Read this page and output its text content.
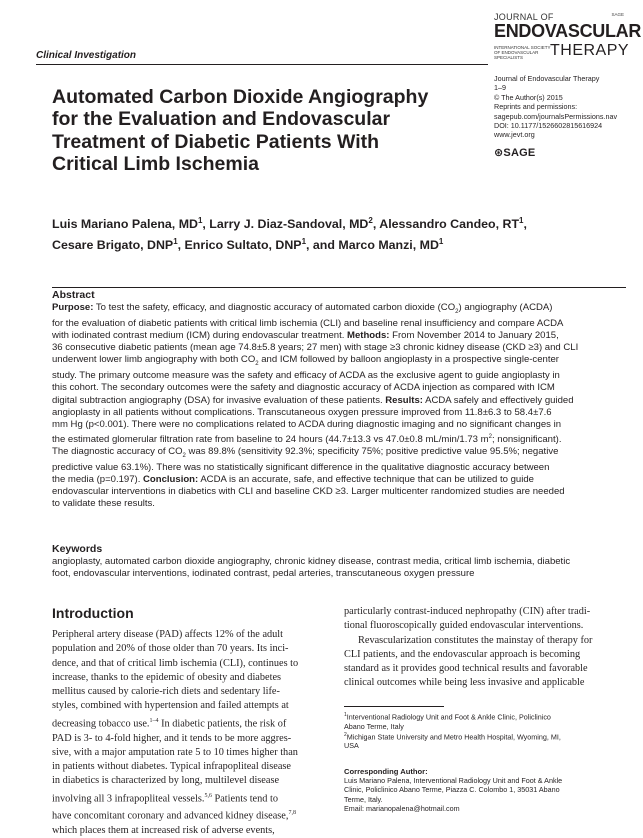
Clinical Investigation
JOURNAL OF	SAGE
ENDOVASCULAR
INTERNATIONAL SOCIETY OF ENDOVASCULAR SPECIALISTS	THERAPY
Journal of Endovascular Therapy
1–9
© The Author(s) 2015
Reprints and permissions:
sagepub.com/journalsPermissions.nav
DOI: 10.1177/1526602815616924
www.jevt.org
⊛SAGE
Automated Carbon Dioxide Angiography
for the Evaluation and Endovascular
Treatment of Diabetic Patients With
Critical Limb Ischemia
Luis Mariano Palena, $MD^1$, Larry J. Diaz-Sandoval, $MD^2$, Alessandro Candeo, $RT^1$,
Cesare Brigato, DNP$^1$, Enrico Sultato, DNP$^1$, and Marco Manzi, $MD^1$
Abstract
Purpose: To test the safety, efficacy, and diagnostic accuracy of automated carbon dioxide $(CO_2)$ angiography (ACDA)
for the evaluation of diabetic patients with critical limb ischemia (CLI) and baseline renal insufficiency and compare ACDA
with iodinated contrast medium (ICM) during endovascular treatment. Methods: From November 2014 to January 2015,
36 consecutive diabetic patients (mean age 74.8±5.8 years; 27 men) with stage ≥3 chronic kidney disease (CKD ≥3) and CLI
underwent lower limb angiography with both $CO_2$ and ICM followed by balloon angioplasty in a prospective single-center
study. The primary outcome measure was the safety and efficacy of ACDA as the exclusive agent to guide angioplasty in
this cohort. The secondary outcomes were the safety and diagnostic accuracy of ACDA injection as compared with ICM
digital subtraction angiography (DSA) for invasive evaluation of these patients. Results: ACDA safely and effectively guided
angioplasty in all patients without complications. Transcutaneous oxygen pressure improved from 11.8±6.3 to 58.4±7.6
mm Hg (p<0.001). There were no complications related to ACDA during diagnostic imaging and no significant changes in
the estimated glomerular filtration rate from baseline to 24 hours (44.7±13.3 vs 47.0±0.8 mL/min/1.73 $m^2$; nonsignificant).
The diagnostic accuracy of $CO_2$ was 89.8% (sensitivity 92.3%; specificity 75%; positive predictive value 95.5%; negative
predictive value 63.1%). There was no statistically significant difference in the qualitative diagnostic accuracy between
the media (p=0.197). Conclusion: ACDA is an accurate, safe, and effective technique that can be utilized to guide
endovascular interventions in diabetics with CLI and baseline CKD ≥3. Larger multicenter randomized studies are needed
to validate these results.
Keywords
angioplasty, automated carbon dioxide angiography, chronic kidney disease, contrast media, critical limb ischemia, diabetic
foot, endovascular interventions, iodinated contrast, pedal arteries, transcutaneous oxygen pressure
Introduction
Peripheral artery disease (PAD) affects 12% of the adult
population and 20% of those older than 70 years. Its inci-
dence, and that of critical limb ischemia (CLI), continues to
increase, thanks to the epidemic of obesity and diabetes
mellitus caused by calorie-rich diets and sedentary life-
styles, combined with hypertension and failed attempts at
decreasing tobacco use.$^{1-4}$ In diabetic patients, the risk of
PAD is 3- to 4-fold higher, and it tends to be more aggres-
sive, with a major amputation rate 5 to 10 times higher than
in patients without diabetes. Typical infrapopliteal disease
in diabetics is characterized by long, multilevel disease
involving all 3 infrapopliteal vessels.$^{5,6}$ Patients tend to
have concomitant coronary and advanced kidney disease,$^{7,8}$
which places them at increased risk of adverse events,
particularly contrast-induced nephropathy (CIN) after tradi-
tional fluoroscopically guided endovascular interventions.
Revascularization constitutes the mainstay of therapy for
CLI patients, and the endovascular approach is becoming
standard as it provides good technical results and favorable
clinical outcomes while being less invasive and applicable
$^1$Interventional Radiology Unit and Foot & Ankle Clinic, Policlinico
Abano Terme, Italy
$^2$Michigan State University and Metro Health Hospital, Wyoming, MI,
USA
Corresponding Author:
Luis Mariano Palena, Interventional Radiology Unit and Foot & Ankle
Clinic, Policlinico Abano Terme, Piazza C. Colombo 1, 35031 Abano
Terme, Italy.
Email: marianopalena@hotmail.com
